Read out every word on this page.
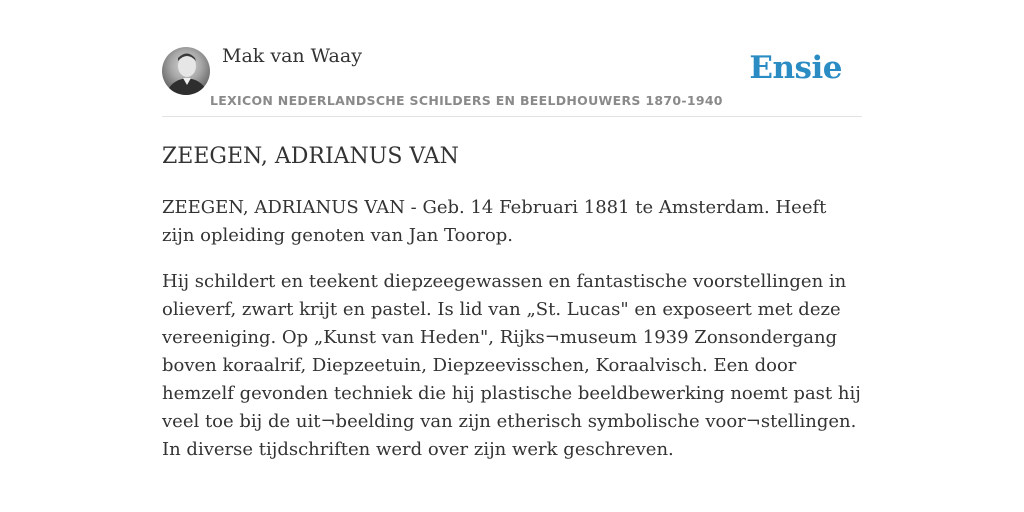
Mak van Waay
LEXICON NEDERLANDSCHE SCHILDERS EN BEELDHOUWERS 1870-1940
Ensie
ZEEGEN, ADRIANUS VAN

ZEEGEN, ADRIANUS VAN - Geb. 14 Februari 1881 te Amsterdam. Heeft zijn opleiding genoten van Jan Toorop.

Hij schildert en teekent diepzeegewassen en fantastische voorstellingen in olieverf, zwart krijt en pastel. Is lid van „St. Lucas" en exposeert met deze vereeniging. Op „Kunst van Heden", Rijks¬museum 1939 Zonsondergang boven koraalrif, Diepzeetuin, Diepzeevisschen, Koraalvisch. Een door hemzelf gevonden techniek die hij plastische beeldbewerking noemt past hij veel toe bij de uit¬beelding van zijn etherisch symbolische voor¬stellingen. In diverse tijdschriften werd over zijn werk geschreven.
